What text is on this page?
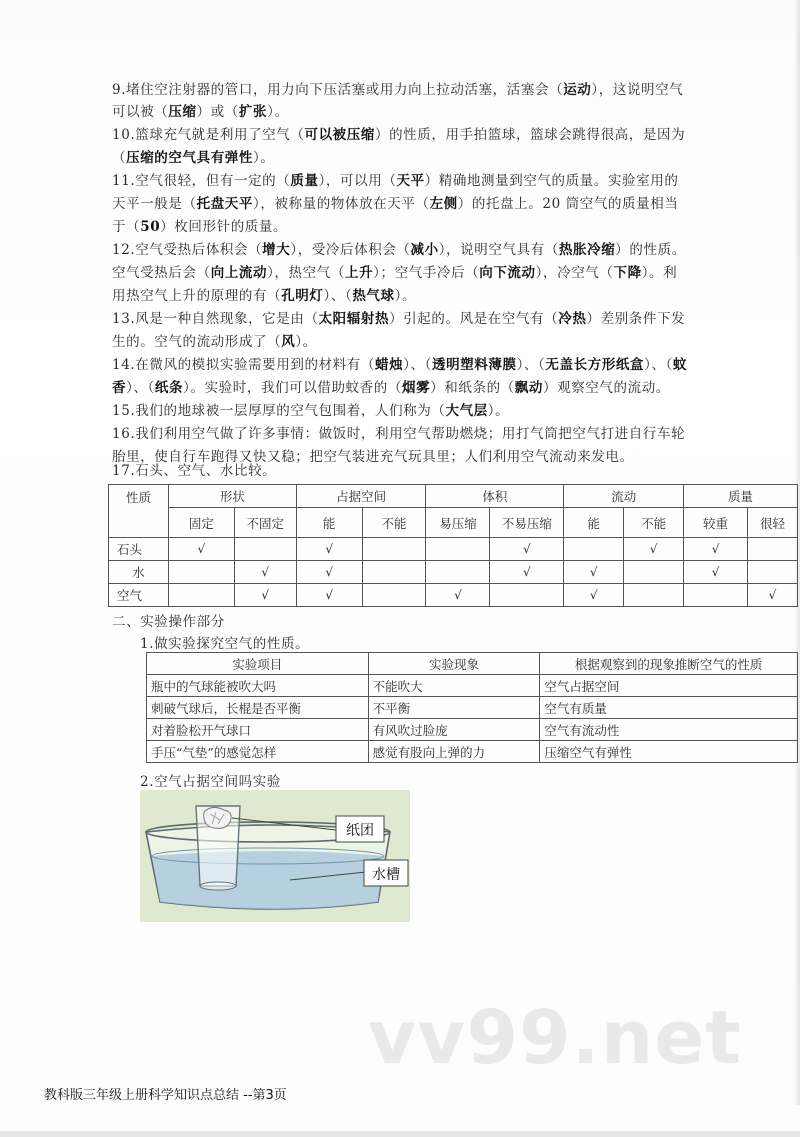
9.堵住空注射器的管口，用力向下压活塞或用力向上拉动活塞，活塞会（运动），这说明空气
可以被（压缩）或（扩张）。
10.篮球充气就是利用了空气（可以被压缩）的性质，用手拍篮球，篮球会跳得很高，是因为
（压缩的空气具有弹性）。
11.空气很轻，但有一定的（质量），可以用（天平）精确地测量到空气的质量。实验室用的
天平一般是（托盘天平），被称量的物体放在天平（左侧）的托盘上。20 筒空气的质量相当
于（50）枚回形针的质量。
12.空气受热后体积会（增大），受冷后体积会（减小），说明空气具有（热胀冷缩）的性质。
空气受热后会（向上流动），热空气（上升）；空气手冷后（向下流动），冷空气（下降）。利
用热空气上升的原理的有（孔明灯）、（热气球）。
13.风是一种自然现象，它是由（太阳辐射热）引起的。风是在空气有（冷热）差别条件下发
生的。空气的流动形成了（风）。
14.在微风的模拟实验需要用到的材料有（蜡烛）、（透明塑料薄膜）、（无盖长方形纸盒）、（蚊
香）、（纸条）。实验时，我们可以借助蚊香的（烟雾）和纸条的（飘动）观察空气的流动。
15.我们的地球被一层厚厚的空气包围着，人们称为（大气层）。
16.我们利用空气做了许多事情：做饭时，利用空气帮助燃烧；用打气筒把空气打进自行车轮
胎里，使自行车跑得又快又稳；把空气装进充气玩具里；人们利用空气流动来发电。
17.石头、空气、水比较。
性质	形状		占据空间		体积		流动		质量	
	固定	不固定	能	不能	易压缩	不易压缩	能	不能	较重	很轻
石头	√		√			√		√	√	
水		√	√			√	√		√	
空气		√	√		√		√			√
二、实验操作部分
1.做实验探究空气的性质。
实验项目	实验现象	根据观察到的现象推断空气的性质
瓶中的气球能被吹大吗	不能吹大	空气占据空间
刺破气球后，长棍是否平衡	不平衡	空气有质量
对着脸松开气球口	有风吹过脸庞	空气有流动性
手压“气垫”的感觉怎样	感觉有股向上弹的力	压缩空气有弹性
2.空气占据空间吗实验
纸团
水槽
vv99.net
教科版三年级上册科学知识点总结 --第3页
